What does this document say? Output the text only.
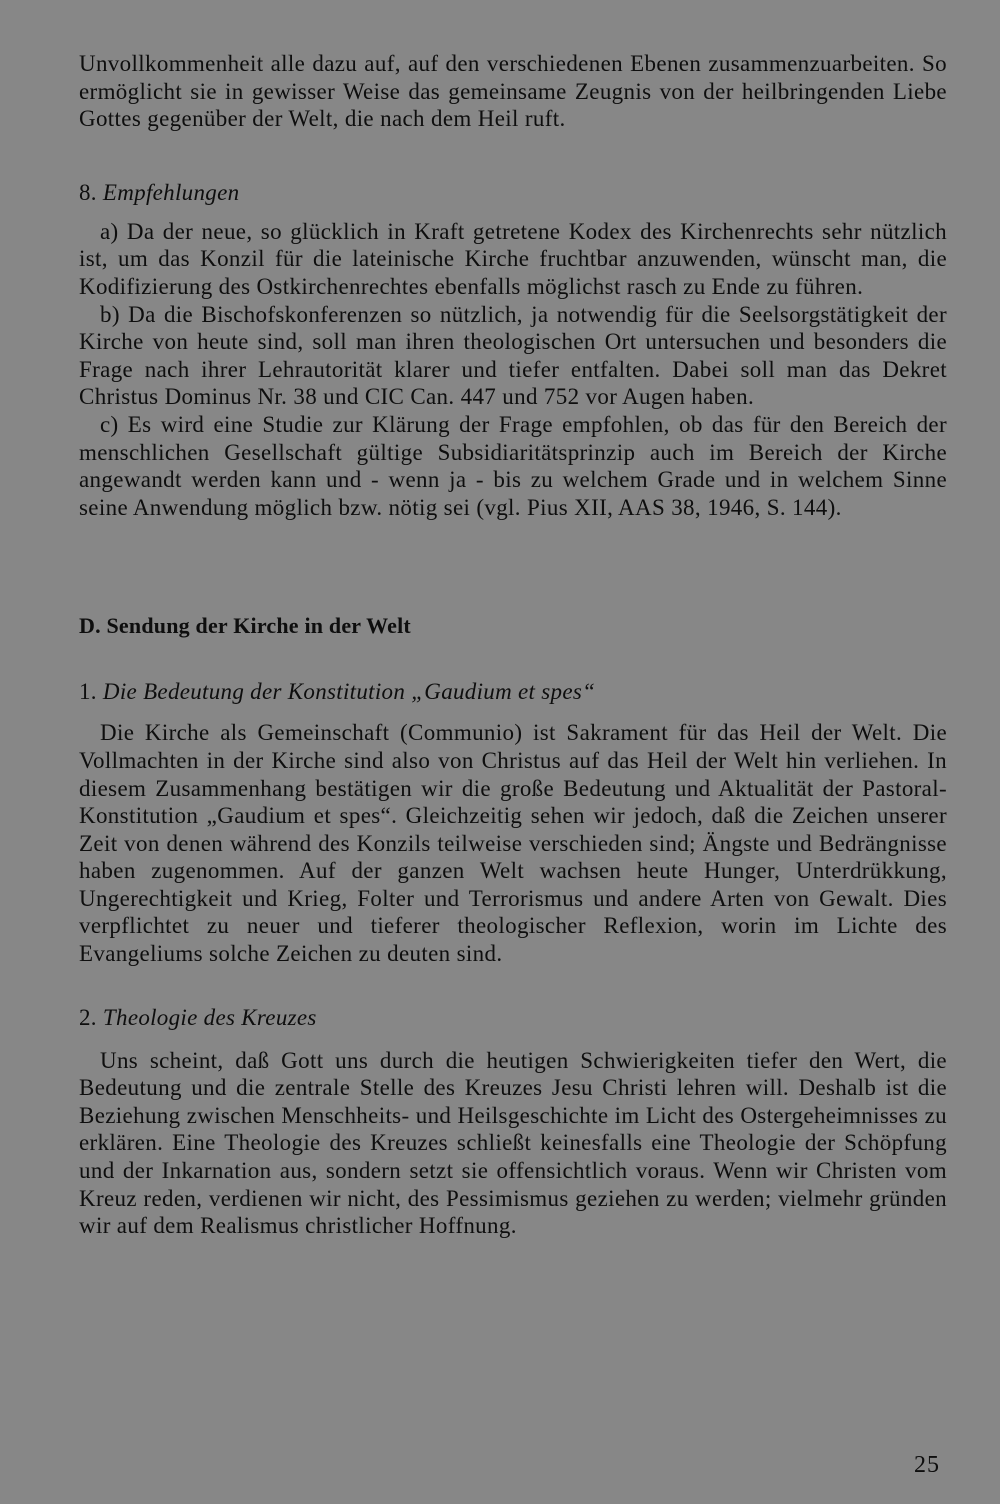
Unvollkommenheit alle dazu auf, auf den verschiedenen Ebenen zusammenzuarbeiten. So ermöglicht sie in gewisser Weise das gemeinsame Zeugnis von der heilbringenden Liebe Gottes gegenüber der Welt, die nach dem Heil ruft.

8. Empfehlungen

a) Da der neue, so glücklich in Kraft getretene Kodex des Kirchenrechts sehr nützlich ist, um das Konzil für die lateinische Kirche fruchtbar anzuwenden, wünscht man, die Kodifizierung des Ostkirchenrechtes ebenfalls möglichst rasch zu Ende zu führen.

b) Da die Bischofskonferenzen so nützlich, ja notwendig für die Seelsorgstätigkeit der Kirche von heute sind, soll man ihren theologischen Ort untersuchen und besonders die Frage nach ihrer Lehrautorität klarer und tiefer entfalten. Dabei soll man das Dekret Christus Dominus Nr. 38 und CIC Can. 447 und 752 vor Augen haben.

c) Es wird eine Studie zur Klärung der Frage empfohlen, ob das für den Bereich der menschlichen Gesellschaft gültige Subsidiaritätsprinzip auch im Bereich der Kirche angewandt werden kann und - wenn ja - bis zu welchem Grade und in welchem Sinne seine Anwendung möglich bzw. nötig sei (vgl. Pius XII, AAS 38, 1946, S. 144).

D. Sendung der Kirche in der Welt

1. Die Bedeutung der Konstitution „Gaudium et spes“

Die Kirche als Gemeinschaft (Communio) ist Sakrament für das Heil der Welt. Die Vollmachten in der Kirche sind also von Christus auf das Heil der Welt hin verliehen. In diesem Zusammenhang bestätigen wir die große Bedeutung und Aktualität der Pastoral-Konstitution „Gaudium et spes“. Gleichzeitig sehen wir jedoch, daß die Zeichen unserer Zeit von denen während des Konzils teilweise verschieden sind; Ängste und Bedrängnisse haben zugenommen. Auf der ganzen Welt wachsen heute Hunger, Unterdrükkung, Ungerechtigkeit und Krieg, Folter und Terrorismus und andere Arten von Gewalt. Dies verpflichtet zu neuer und tieferer theologischer Reflexion, worin im Lichte des Evangeliums solche Zeichen zu deuten sind.

2. Theologie des Kreuzes

Uns scheint, daß Gott uns durch die heutigen Schwierigkeiten tiefer den Wert, die Bedeutung und die zentrale Stelle des Kreuzes Jesu Christi lehren will. Deshalb ist die Beziehung zwischen Menschheits- und Heilsgeschichte im Licht des Ostergeheimnisses zu erklären. Eine Theologie des Kreuzes schließt keinesfalls eine Theologie der Schöpfung und der Inkarnation aus, sondern setzt sie offensichtlich voraus. Wenn wir Christen vom Kreuz reden, verdienen wir nicht, des Pessimismus geziehen zu werden; vielmehr gründen wir auf dem Realismus christlicher Hoffnung.

25
